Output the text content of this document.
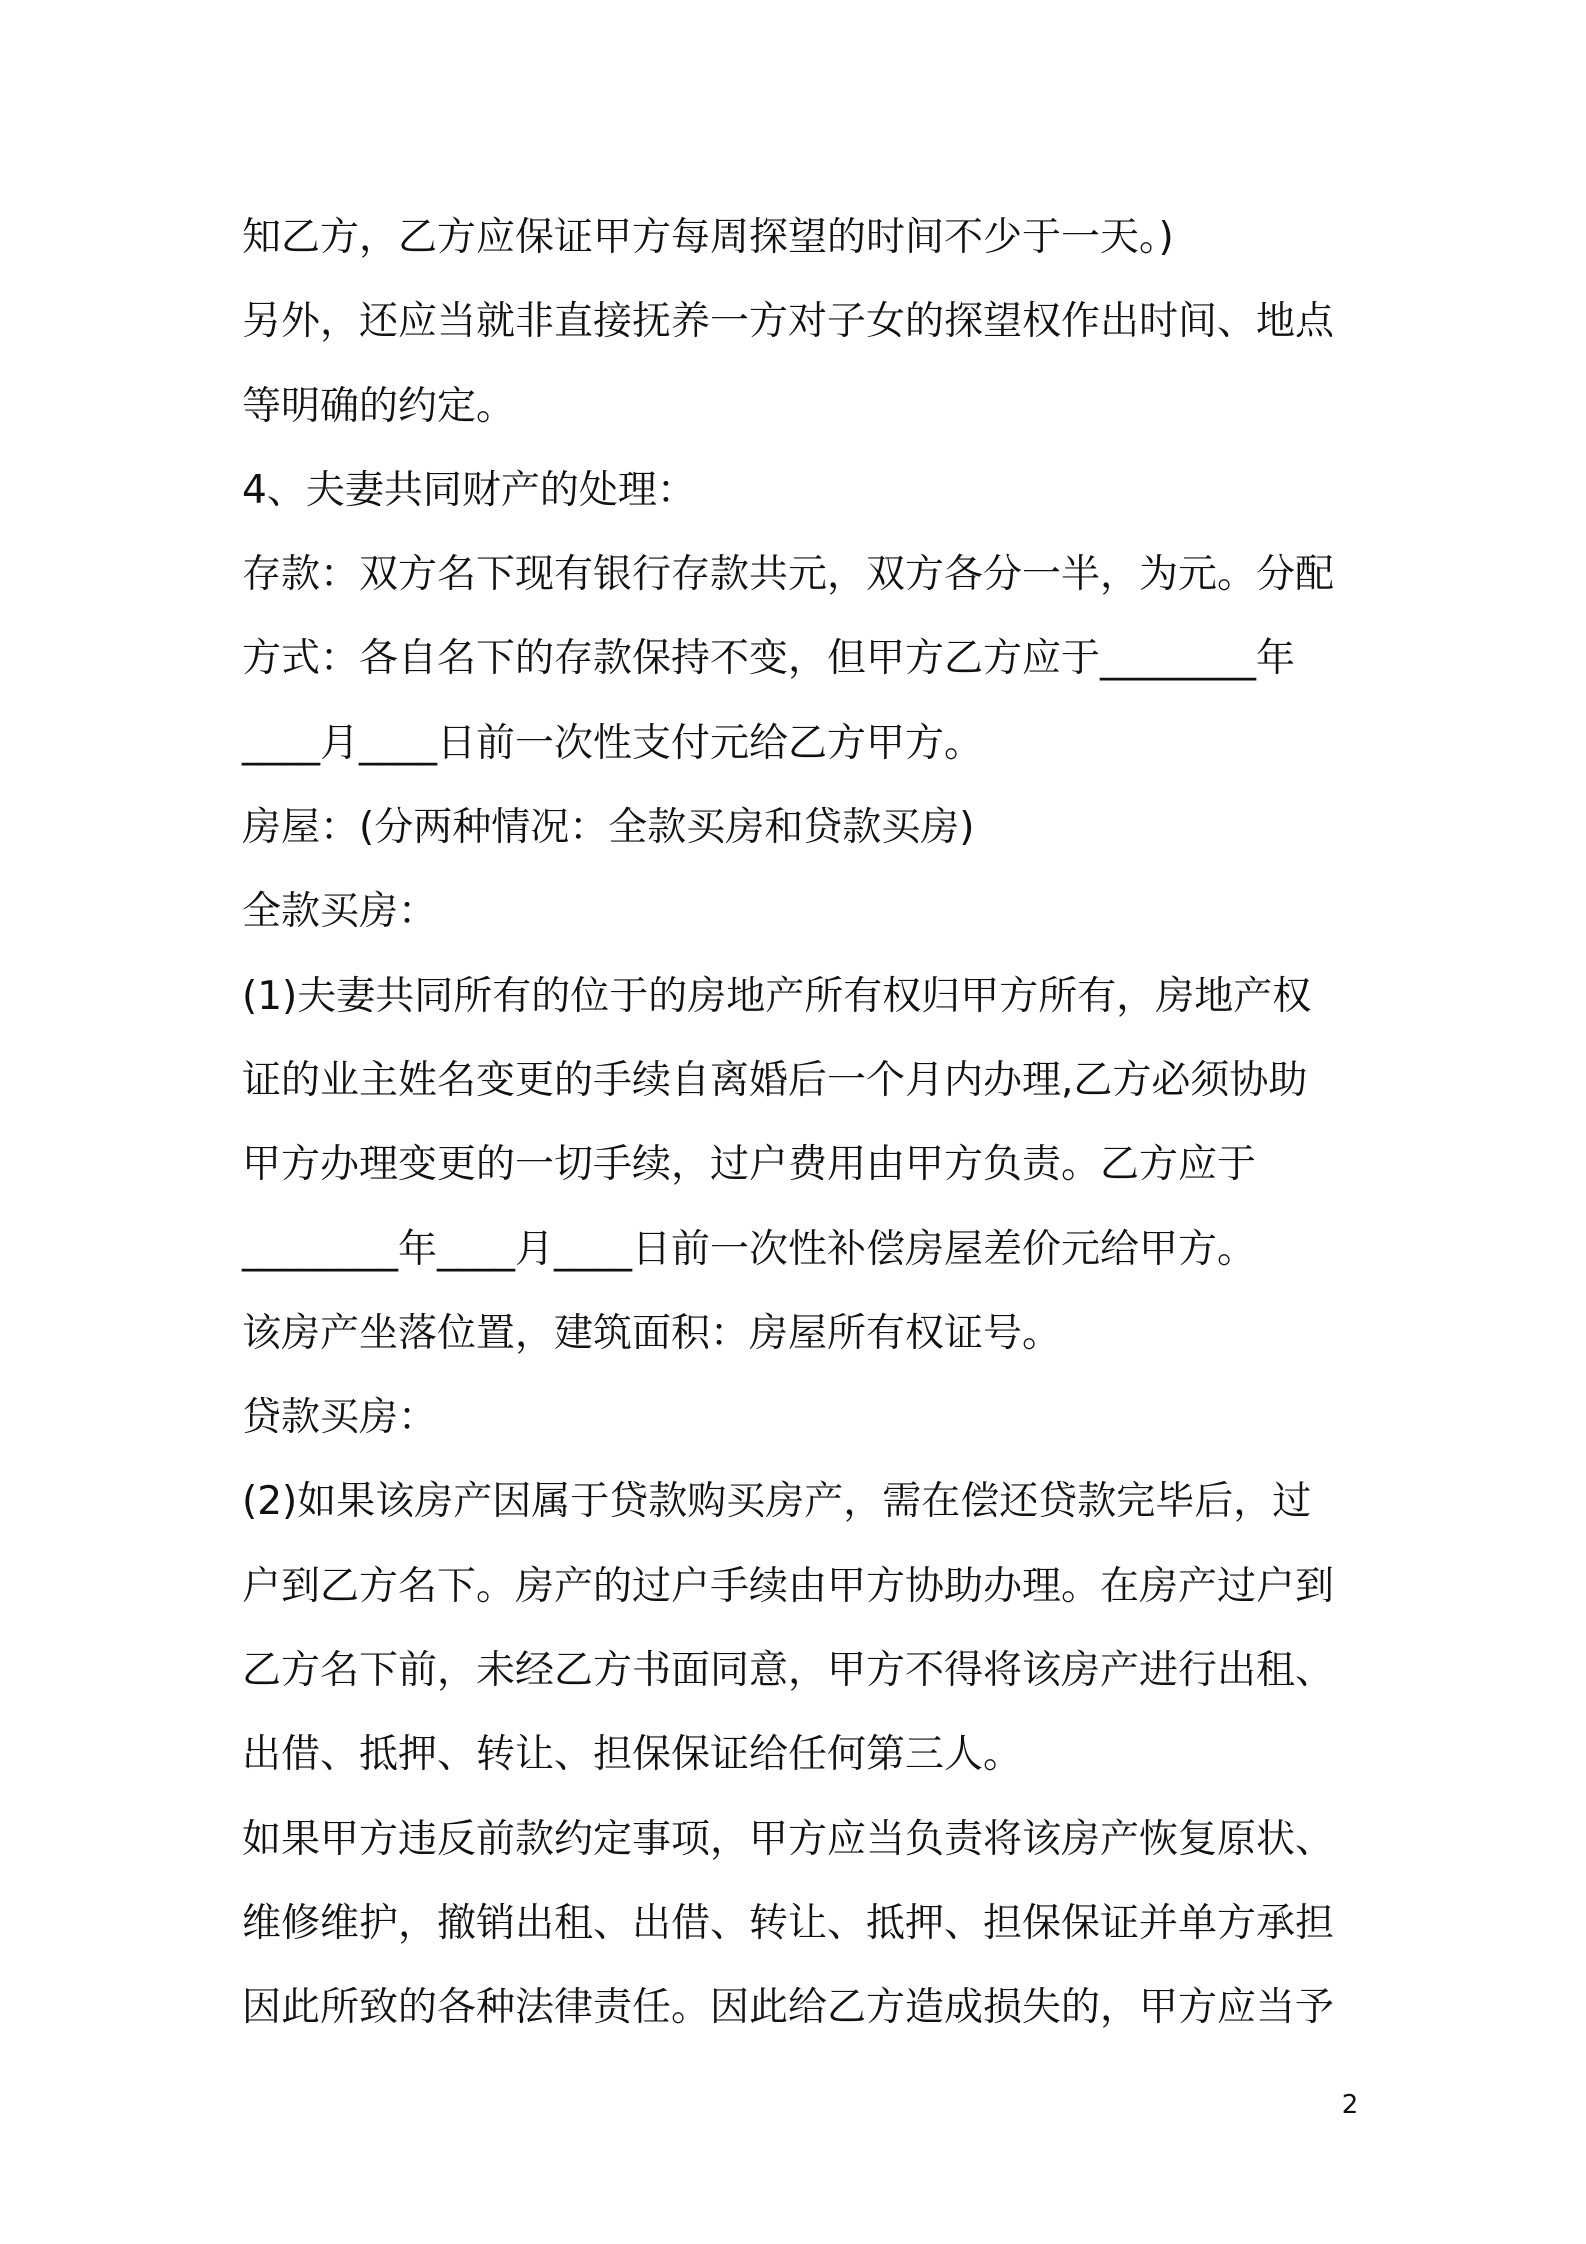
知乙方，乙方应保证甲方每周探望的时间不少于一天。)
另外，还应当就非直接抚养一方对子女的探望权作出时间、地点
等明确的约定。
4、夫妻共同财产的处理：
存款：双方名下现有银行存款共元，双方各分一半，为元。分配
方式：各自名下的存款保持不变，但甲方乙方应于________年
____月____日前一次性支付元给乙方甲方。
房屋：(分两种情况：全款买房和贷款买房)
全款买房：
(1)夫妻共同所有的位于的房地产所有权归甲方所有，房地产权
证的业主姓名变更的手续自离婚后一个月内办理,乙方必须协助
甲方办理变更的一切手续，过户费用由甲方负责。乙方应于
________年____月____日前一次性补偿房屋差价元给甲方。
该房产坐落位置，建筑面积：房屋所有权证号。
贷款买房：
(2)如果该房产因属于贷款购买房产，需在偿还贷款完毕后，过
户到乙方名下。房产的过户手续由甲方协助办理。在房产过户到
乙方名下前，未经乙方书面同意，甲方不得将该房产进行出租、
出借、抵押、转让、担保保证给任何第三人。
如果甲方违反前款约定事项，甲方应当负责将该房产恢复原状、
维修维护，撤销出租、出借、转让、抵押、担保保证并单方承担
因此所致的各种法律责任。因此给乙方造成损失的，甲方应当予
2
